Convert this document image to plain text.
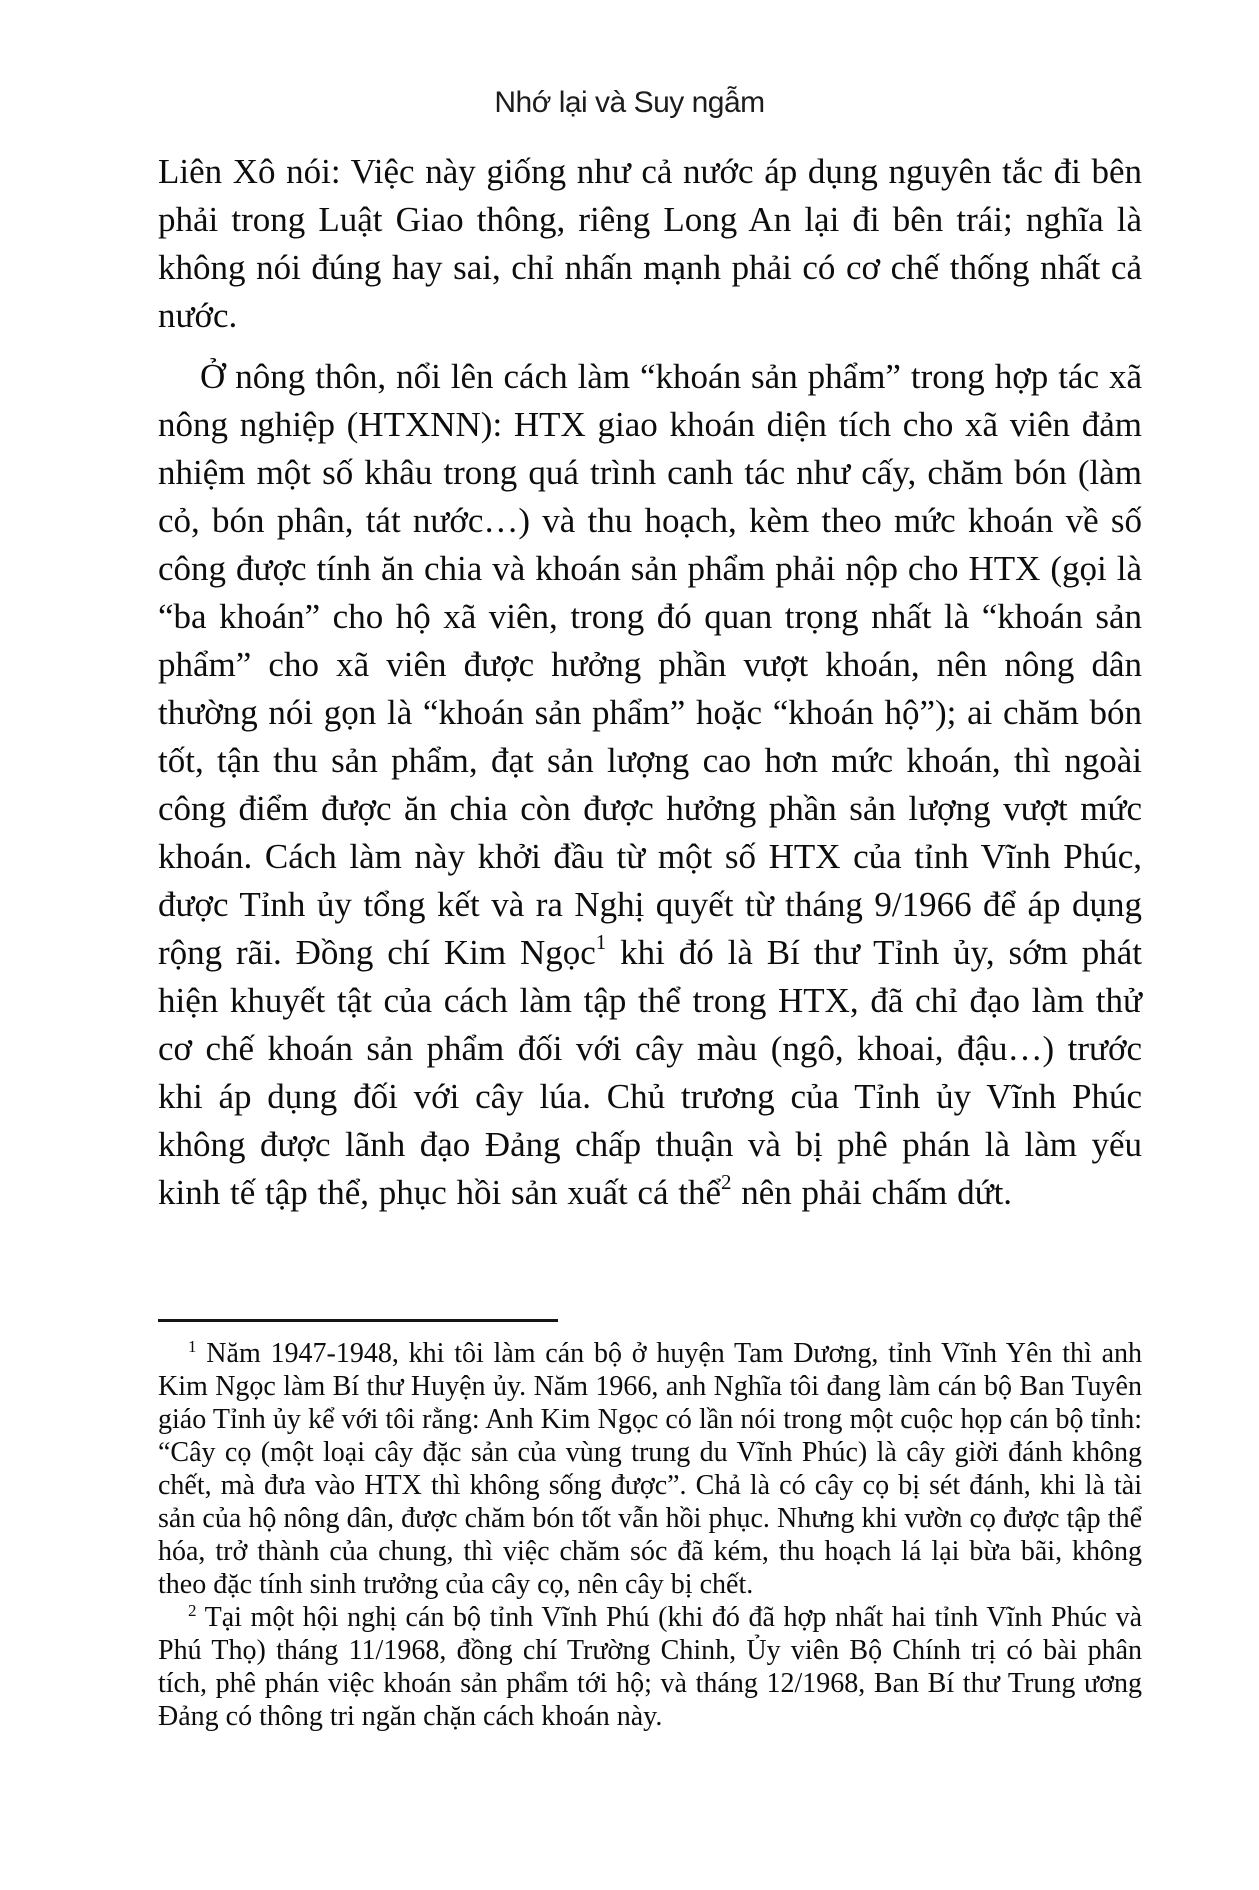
Nhớ lại và Suy ngẫm

Liên Xô nói: Việc này giống như cả nước áp dụng nguyên tắc đi bên phải trong Luật Giao thông, riêng Long An lại đi bên trái; nghĩa là không nói đúng hay sai, chỉ nhấn mạnh phải có cơ chế thống nhất cả nước.

Ở nông thôn, nổi lên cách làm “khoán sản phẩm” trong hợp tác xã nông nghiệp (HTXNN): HTX giao khoán diện tích cho xã viên đảm nhiệm một số khâu trong quá trình canh tác như cấy, chăm bón (làm cỏ, bón phân, tát nước…) và thu hoạch, kèm theo mức khoán về số công được tính ăn chia và khoán sản phẩm phải nộp cho HTX (gọi là “ba khoán” cho hộ xã viên, trong đó quan trọng nhất là “khoán sản phẩm” cho xã viên được hưởng phần vượt khoán, nên nông dân thường nói gọn là “khoán sản phẩm” hoặc “khoán hộ”); ai chăm bón tốt, tận thu sản phẩm, đạt sản lượng cao hơn mức khoán, thì ngoài công điểm được ăn chia còn được hưởng phần sản lượng vượt mức khoán. Cách làm này khởi đầu từ một số HTX của tỉnh Vĩnh Phúc, được Tỉnh ủy tổng kết và ra Nghị quyết từ tháng 9/1966 để áp dụng rộng rãi. Đồng chí Kim Ngọc$^1$ khi đó là Bí thư Tỉnh ủy, sớm phát hiện khuyết tật của cách làm tập thể trong HTX, đã chỉ đạo làm thử cơ chế khoán sản phẩm đối với cây màu (ngô, khoai, đậu…) trước khi áp dụng đối với cây lúa. Chủ trương của Tỉnh ủy Vĩnh Phúc không được lãnh đạo Đảng chấp thuận và bị phê phán là làm yếu kinh tế tập thể, phục hồi sản xuất cá thể$^2$ nên phải chấm dứt.

$^1$ Năm 1947-1948, khi tôi làm cán bộ ở huyện Tam Dương, tỉnh Vĩnh Yên thì anh Kim Ngọc làm Bí thư Huyện ủy. Năm 1966, anh Nghĩa tôi đang làm cán bộ Ban Tuyên giáo Tỉnh ủy kể với tôi rằng: Anh Kim Ngọc có lần nói trong một cuộc họp cán bộ tỉnh: “Cây cọ (một loại cây đặc sản của vùng trung du Vĩnh Phúc) là cây giời đánh không chết, mà đưa vào HTX thì không sống được”. Chả là có cây cọ bị sét đánh, khi là tài sản của hộ nông dân, được chăm bón tốt vẫn hồi phục. Nhưng khi vườn cọ được tập thể hóa, trở thành của chung, thì việc chăm sóc đã kém, thu hoạch lá lại bừa bãi, không theo đặc tính sinh trưởng của cây cọ, nên cây bị chết.

$^2$ Tại một hội nghị cán bộ tỉnh Vĩnh Phú (khi đó đã hợp nhất hai tỉnh Vĩnh Phúc và Phú Thọ) tháng 11/1968, đồng chí Trường Chinh, Ủy viên Bộ Chính trị có bài phân tích, phê phán việc khoán sản phẩm tới hộ; và tháng 12/1968, Ban Bí thư Trung ương Đảng có thông tri ngăn chặn cách khoán này.
